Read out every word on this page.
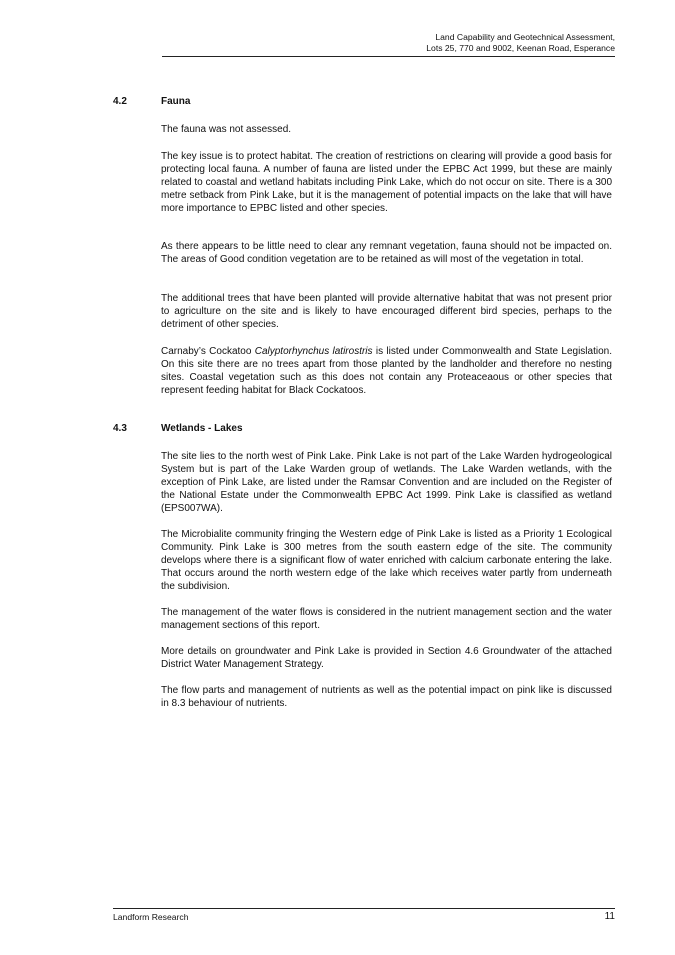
Land Capability and Geotechnical Assessment,
Lots 25, 770 and 9002, Keenan Road, Esperance
4.2	Fauna

The fauna was not assessed.

The key issue is to protect habitat. The creation of restrictions on clearing will provide a good basis for protecting local fauna. A number of fauna are listed under the EPBC Act 1999, but these are mainly related to coastal and wetland habitats including Pink Lake, which do not occur on site. There is a 300 metre setback from Pink Lake, but it is the management of potential impacts on the lake that will have more importance to EPBC listed and other species.

As there appears to be little need to clear any remnant vegetation, fauna should not be impacted on. The areas of Good condition vegetation are to be retained as will most of the vegetation in total.

The additional trees that have been planted will provide alternative habitat that was not present prior to agriculture on the site and is likely to have encouraged different bird species, perhaps to the detriment of other species.

Carnaby’s Cockatoo Calyptorhynchus latirostris is listed under Commonwealth and State Legislation. On this site there are no trees apart from those planted by the landholder and therefore no nesting sites. Coastal vegetation such as this does not contain any Proteaceaous or other species that represent feeding habitat for Black Cockatoos.

4.3	Wetlands - Lakes

The site lies to the north west of Pink Lake. Pink Lake is not part of the Lake Warden hydrogeological System but is part of the Lake Warden group of wetlands. The Lake Warden wetlands, with the exception of Pink Lake, are listed under the Ramsar Convention and are included on the Register of the National Estate under the Commonwealth EPBC Act 1999. Pink Lake is classified as wetland (EPS007WA).

The Microbialite community fringing the Western edge of Pink Lake is listed as a Priority 1 Ecological Community. Pink Lake is 300 metres from the south eastern edge of the site. The community develops where there is a significant flow of water enriched with calcium carbonate entering the lake. That occurs around the north western edge of the lake which receives water partly from underneath the subdivision.

The management of the water flows is considered in the nutrient management section and the water management sections of this report.

More details on groundwater and Pink Lake is provided in Section 4.6 Groundwater of the attached District Water Management Strategy.

The flow parts and management of nutrients as well as the potential impact on pink like is discussed in 8.3 behaviour of nutrients.

Landform Research	11
